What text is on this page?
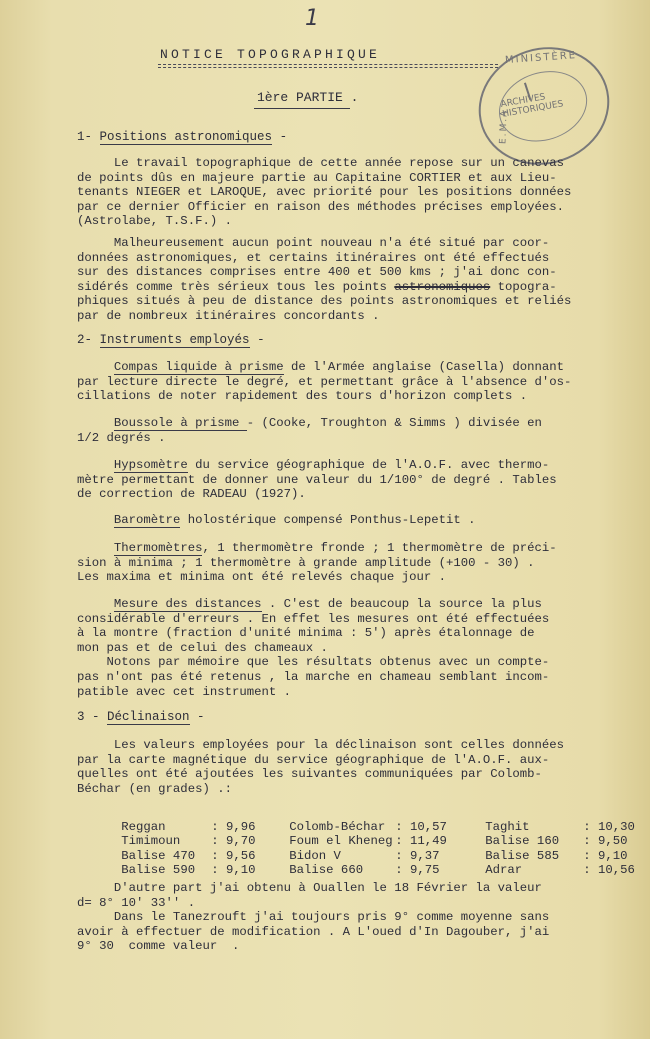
1
NOTICE TOPOGRAPHIQUE
1ère PARTIE .
MINISTÈRE
E.M.A
ARCHIVES HISTORIQUES
1- Positions astronomiques -
Le travail topographique de cette année repose sur un canevas
de points dûs en majeure partie au Capitaine CORTIER et aux Lieu-
tenants NIEGER et LAROQUE, avec priorité pour les positions données
par ce dernier Officier en raison des méthodes précises employées.
(Astrolabe, T.S.F.) .
Malheureusement aucun point nouveau n'a été situé par coor-
données astronomiques, et certains itinéraires ont été effectués
sur des distances comprises entre 400 et 500 kms ; j'ai donc con-
sidérés comme très sérieux tous les points astronomiques topogra-
phiques situés à peu de distance des points astronomiques et reliés
par de nombreux itinéraires concordants .
2- Instruments employés -
Compas liquide à prisme de l'Armée anglaise (Casella) donnant
par lecture directe le degré, et permettant grâce à l'absence d'os-
cillations de noter rapidement des tours d'horizon complets .
Boussole à prisme - (Cooke, Troughton & Simms ) divisée en
1/2 degrés .
Hypsomètre du service géographique de l'A.O.F. avec thermo-
mètre permettant de donner une valeur du 1/100° de degré . Tables
de correction de RADEAU (1927).
Baromètre holostérique compensé Ponthus-Lepetit .
Thermomètres, 1 thermomètre fronde ; 1 thermomètre de préci-
sion à minima ; 1 thermomètre à grande amplitude (+100 - 30) .
Les maxima et minima ont été relevés chaque jour .
Mesure des distances . C'est de beaucoup la source la plus
considérable d'erreurs . En effet les mesures ont été effectuées
à la montre (fraction d'unité minima : 5') après étalonnage de
mon pas et de celui des chameaux .
Notons par mémoire que les résultats obtenus avec un compte-
pas n'ont pas été retenus , la marche en chameau semblant incom-
patible avec cet instrument .
3 - Déclinaison -
Les valeurs employées pour la déclinaison sont celles données
par la carte magnétique du service géographique de l'A.O.F. aux-
quelles ont été ajoutées les suivantes communiquées par Colomb-
Béchar (en grades) .:

Reggan	: 9,96	Colomb-Béchar : 10,57	Taghit	: 10,30

Timimoun	: 9,70	Foum el Kheneg : 11,49	Balise 160 : 9,50

Balise 470 : 9,56	Bidon V	: 9,37	Balise 585 : 9,10

Balise 590 : 9,10	Balise 660	: 9,75	Adrar	: 10,56

D'autre part j'ai obtenu à Ouallen le 18 Février la valeur
d= 8° 10' 33'' .
Dans le Tanezrouft j'ai toujours pris 9° comme moyenne sans
avoir à effectuer de modification . A L'oued d'In Dagouber, j'ai
9° 30  comme valeur  .
